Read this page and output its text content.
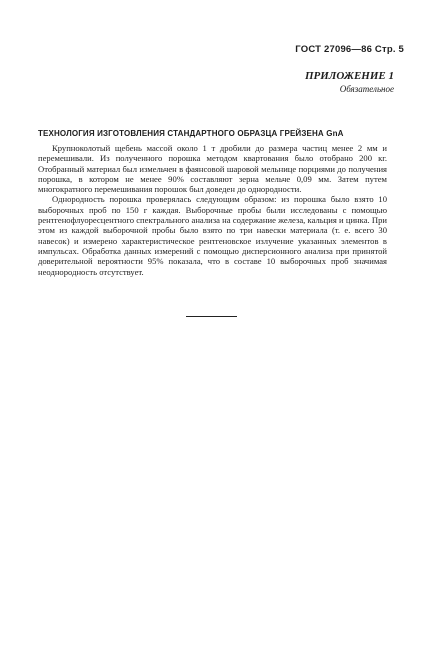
ГОСТ 27096—86 Стр. 5
ПРИЛОЖЕНИЕ 1
Обязательное
ТЕХНОЛОГИЯ ИЗГОТОВЛЕНИЯ СТАНДАРТНОГО ОБРАЗЦА ГРЕЙЗЕНА GnA

Крупноколотый щебень массой около 1 т дробили до размера частиц менее 2 мм и перемешивали. Из полученного порошка методом квартования было отобрано 200 кг. Отобранный материал был измельчен в фаянсовой шаровой мельнице порциями до получения порошка, в котором не менее 90% составляют зерна мельче 0,09 мм. Затем путем многократного перемешивания порошок был доведен до однородности.

Однородность порошка проверялась следующим образом: из порошка было взято 10 выборочных проб по 150 г каждая. Выборочные пробы были исследованы с помощью рентгенофлуоресцентного спектрального анализа на содержание железа, кальция и цинка. При этом из каждой выборочной пробы было взято по три навески материала (т. е. всего 30 навесок) и измерено характеристическое рентгеновское излучение указанных элементов в импульсах. Обработка данных измерений с помощью дисперсионного анализа при принятой доверительной вероятности 95% показала, что в составе 10 выборочных проб значимая неоднородность отсутствует.
